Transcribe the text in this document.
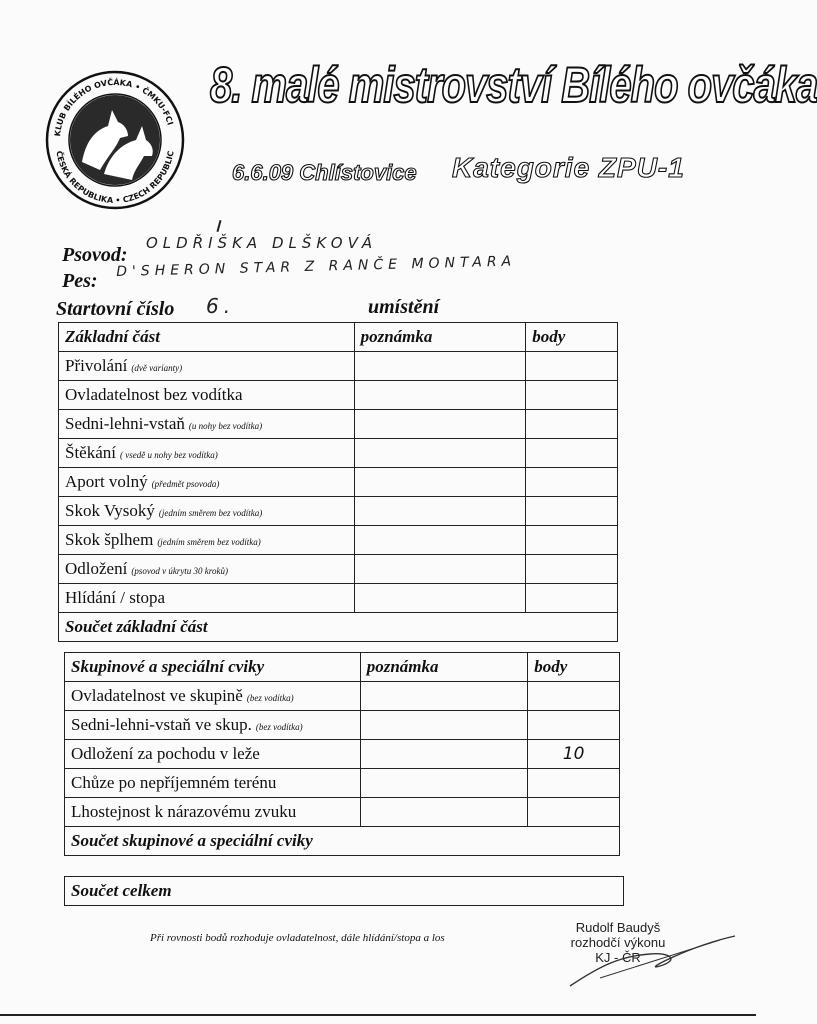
KLUB BÍLÉHO OVČÁKA • ČMKU-FCI
ČESKÁ REPUBLIKA • CZECH REPUBLIC
8. malé mistrovství Bílého ovčáka
6.6.09 Chlístovice Kategorie ZPU-1
Psovod:
OLDŘIŠKA DLŠKOVÁ
Pes:
D'SHERON STAR Z RANČE MONTARA
Startovní číslo 6.	umístění
Základní část	poznámka	body
Přivolání (dvě varianty)		
Ovladatelnost bez vodítka		
Sedni-lehni-vstaň (u nohy bez vodítka)		
Štěkání ( vsedě u nohy bez vodítka)		
Aport volný (předmět psovoda)		
Skok Vysoký (jedním směrem bez vodítka)		
Skok šplhem (jedním směrem bez vodítka)		
Odložení (psovod v úkrytu 30 kroků)		
Hlídání / stopa		
Součet základní část		
Skupinové a speciální cviky	poznámka	body
Ovladatelnost ve skupině (bez vodítka)		
Sedni-lehni-vstaň ve skup. (bez vodítka)		
Odložení za pochodu v leže		10
Chůze po nepříjemném terénu		
Lhostejnost k nárazovému zvuku		
Součet skupinové a speciální cviky		
Součet celkem	
Při rovnosti bodů rozhoduje ovladatelnost, dále hlídání/stopa a los
Rudolf Baudyš
rozhodčí výkonu
KJ - ČR
